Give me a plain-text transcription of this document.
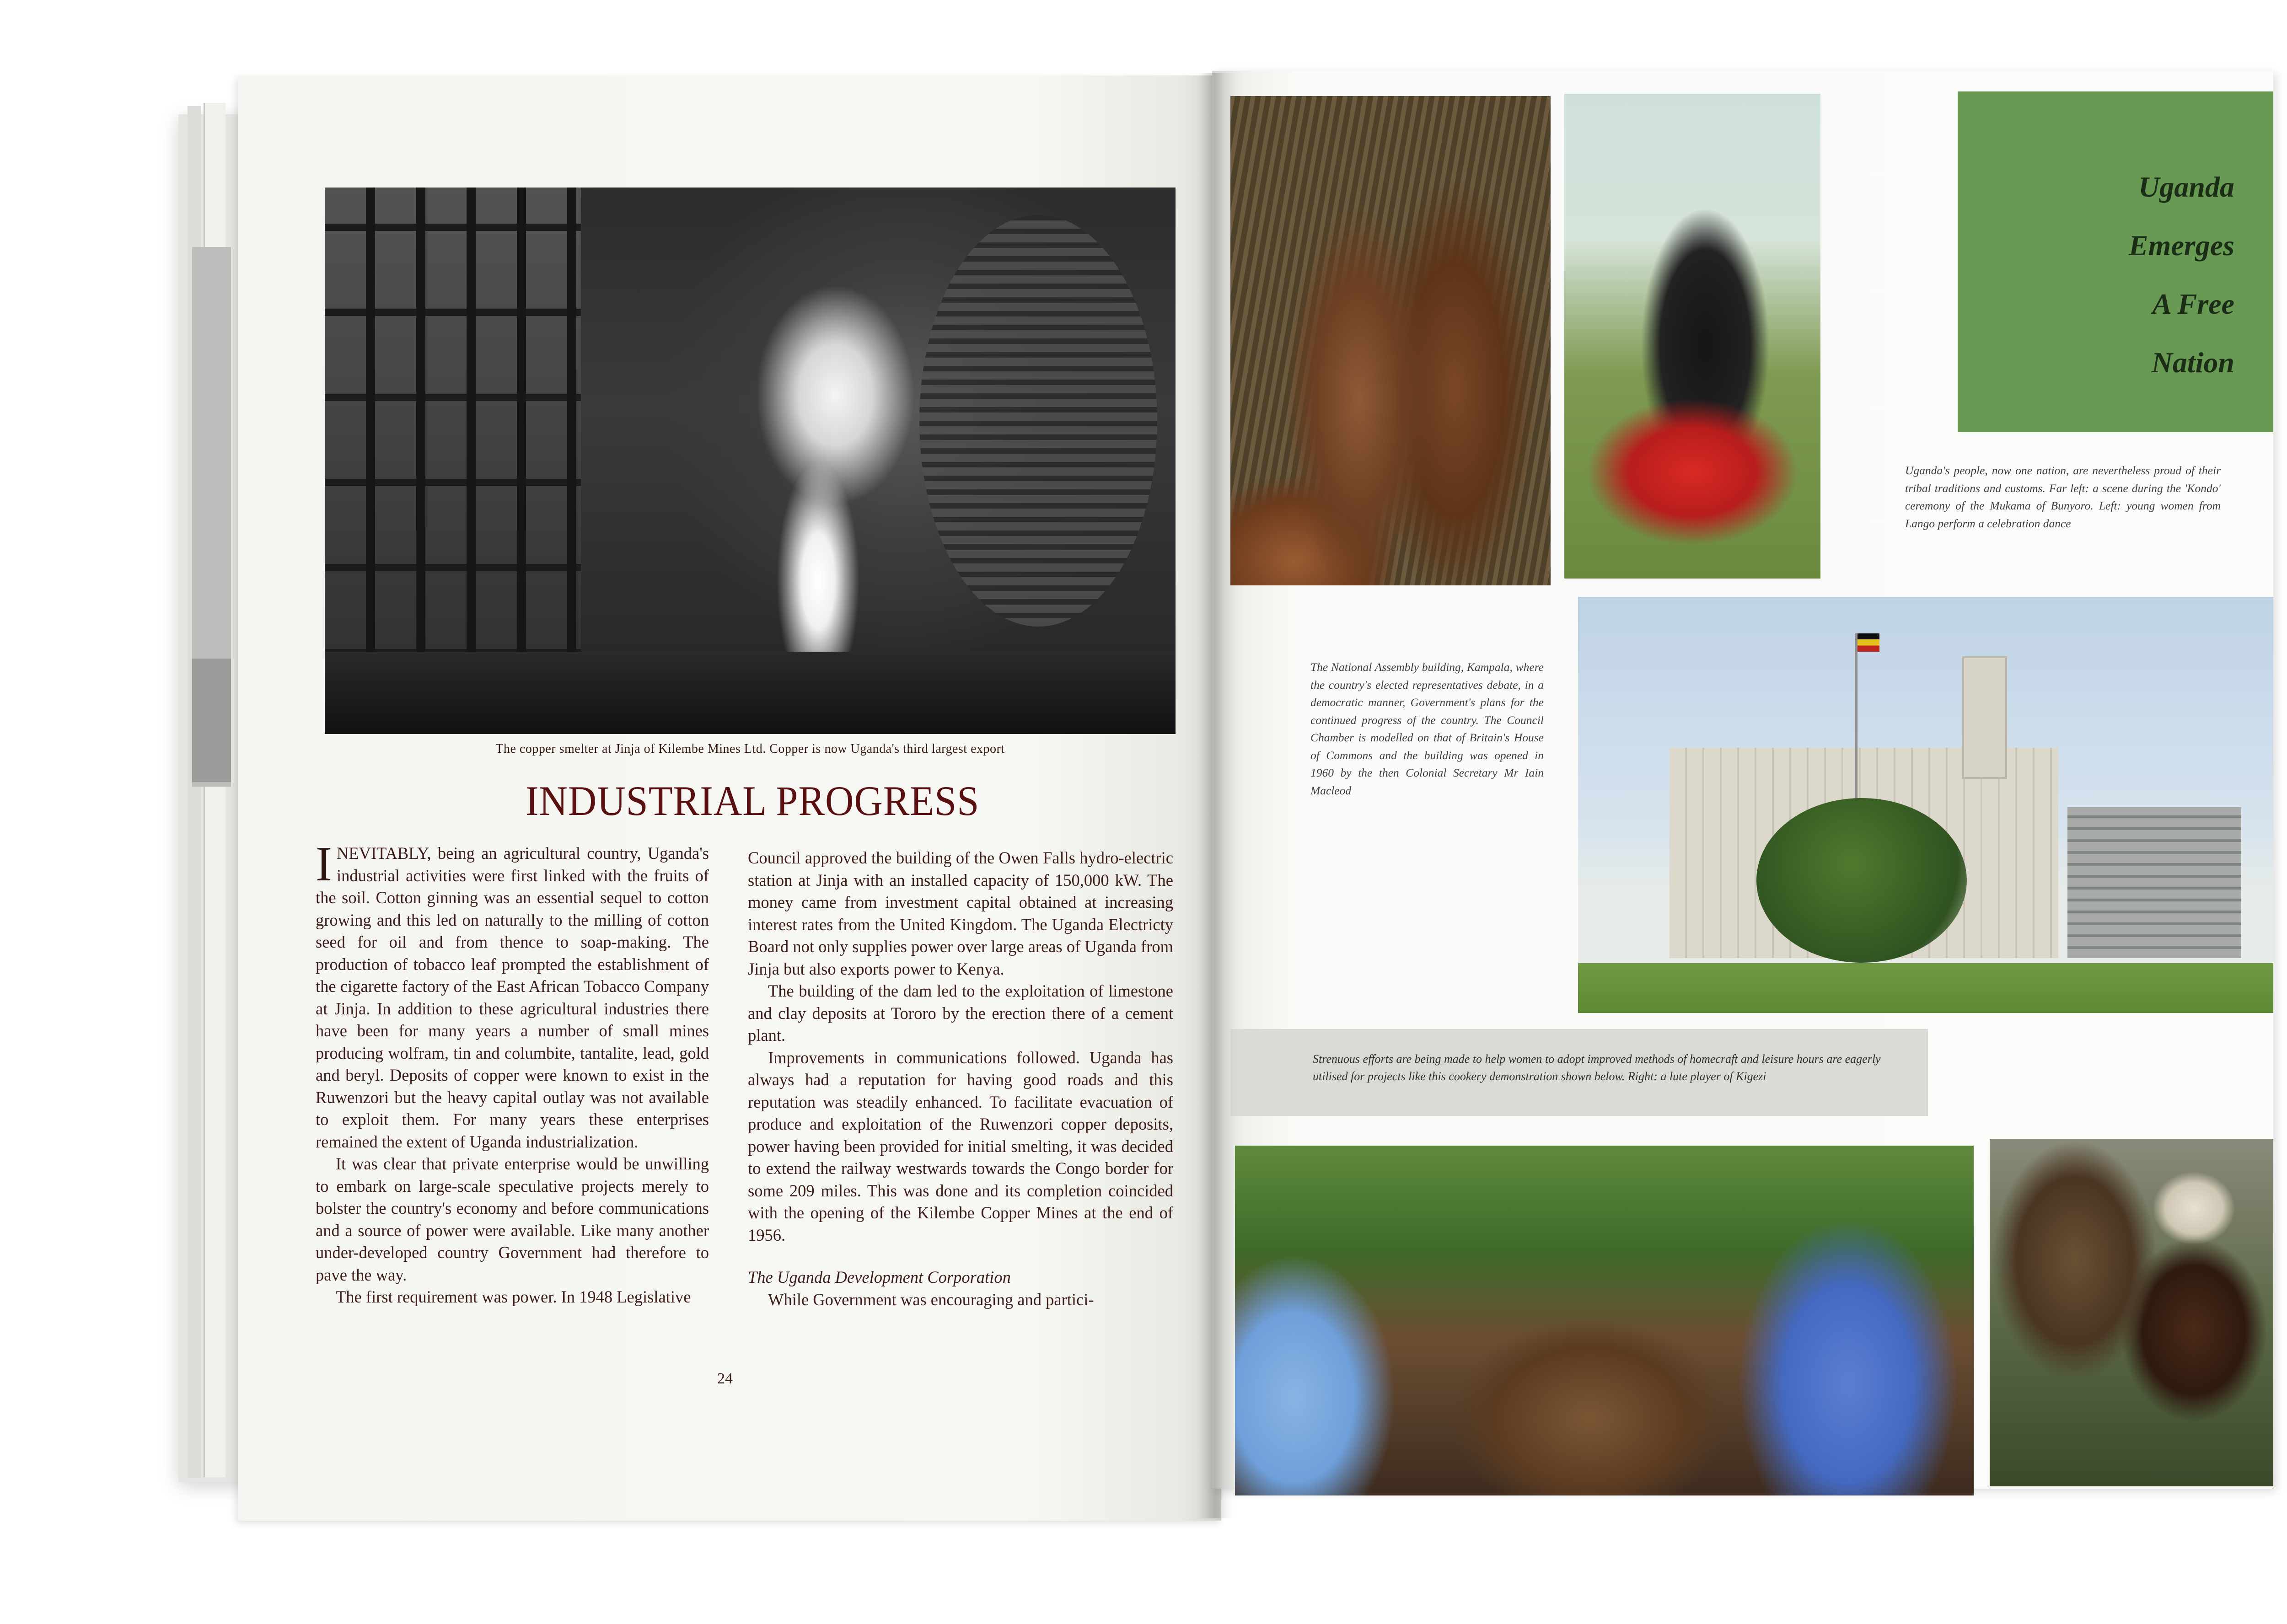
The copper smelter at Jinja of Kilembe Mines Ltd. Copper is now Uganda's third largest export
INDUSTRIAL PROGRESS

INEVITABLY, being an agricultural country, Uganda's industrial activities were first linked with the fruits of the soil. Cotton ginning was an essential sequel to cotton growing and this led on naturally to the milling of cotton seed for oil and from thence to soap-making. The production of tobacco leaf prompted the establishment of the cigarette factory of the East African Tobacco Company at Jinja. In addition to these agricultural industries there have been for many years a number of small mines producing wolfram, tin and columbite, tantalite, lead, gold and beryl. Deposits of copper were known to exist in the Ruwenzori but the heavy capital outlay was not available to exploit them. For many years these enterprises remained the extent of Uganda industrialization.

It was clear that private enterprise would be unwilling to embark on large-scale speculative projects merely to bolster the country's economy and before communications and a source of power were available. Like many another under-developed country Government had therefore to pave the way.

The first requirement was power. In 1948 Legislative

Council approved the building of the Owen Falls hydro-electric station at Jinja with an installed capacity of 150,000 kW. The money came from investment capital obtained at increasing interest rates from the United Kingdom. The Uganda Electricty Board not only supplies power over large areas of Uganda from Jinja but also exports power to Kenya.

The building of the dam led to the exploitation of limestone and clay deposits at Tororo by the erection there of a cement plant.

Improvements in communications followed. Uganda has always had a reputation for having good roads and this reputation was steadily enhanced. To facilitate evacuation of produce and exploitation of the Ruwenzori copper deposits, power having been provided for initial smelting, it was decided to extend the railway westwards towards the Congo border for some 209 miles. This was done and its completion coincided with the opening of the Kilembe Copper Mines at the end of 1956.

The Uganda Development Corporation

While Government was encouraging and partici-

24
Uganda
Emerges
A Free
Nation
Uganda's people, now one nation, are nevertheless proud of their tribal traditions and customs. Far left: a scene during the 'Kondo' ceremony of the Mukama of Bunyoro. Left: young women from Lango perform a celebration dance
The National Assembly building, Kampala, where the country's elected representatives debate, in a democratic manner, Government's plans for the continued progress of the country. The Council Chamber is modelled on that of Britain's House of Commons and the building was opened in 1960 by the then Colonial Secretary Mr Iain Macleod
Strenuous efforts are being made to help women to adopt improved methods of homecraft and leisure hours are eagerly utilised for projects like this cookery demonstration shown below. Right: a lute player of Kigezi
